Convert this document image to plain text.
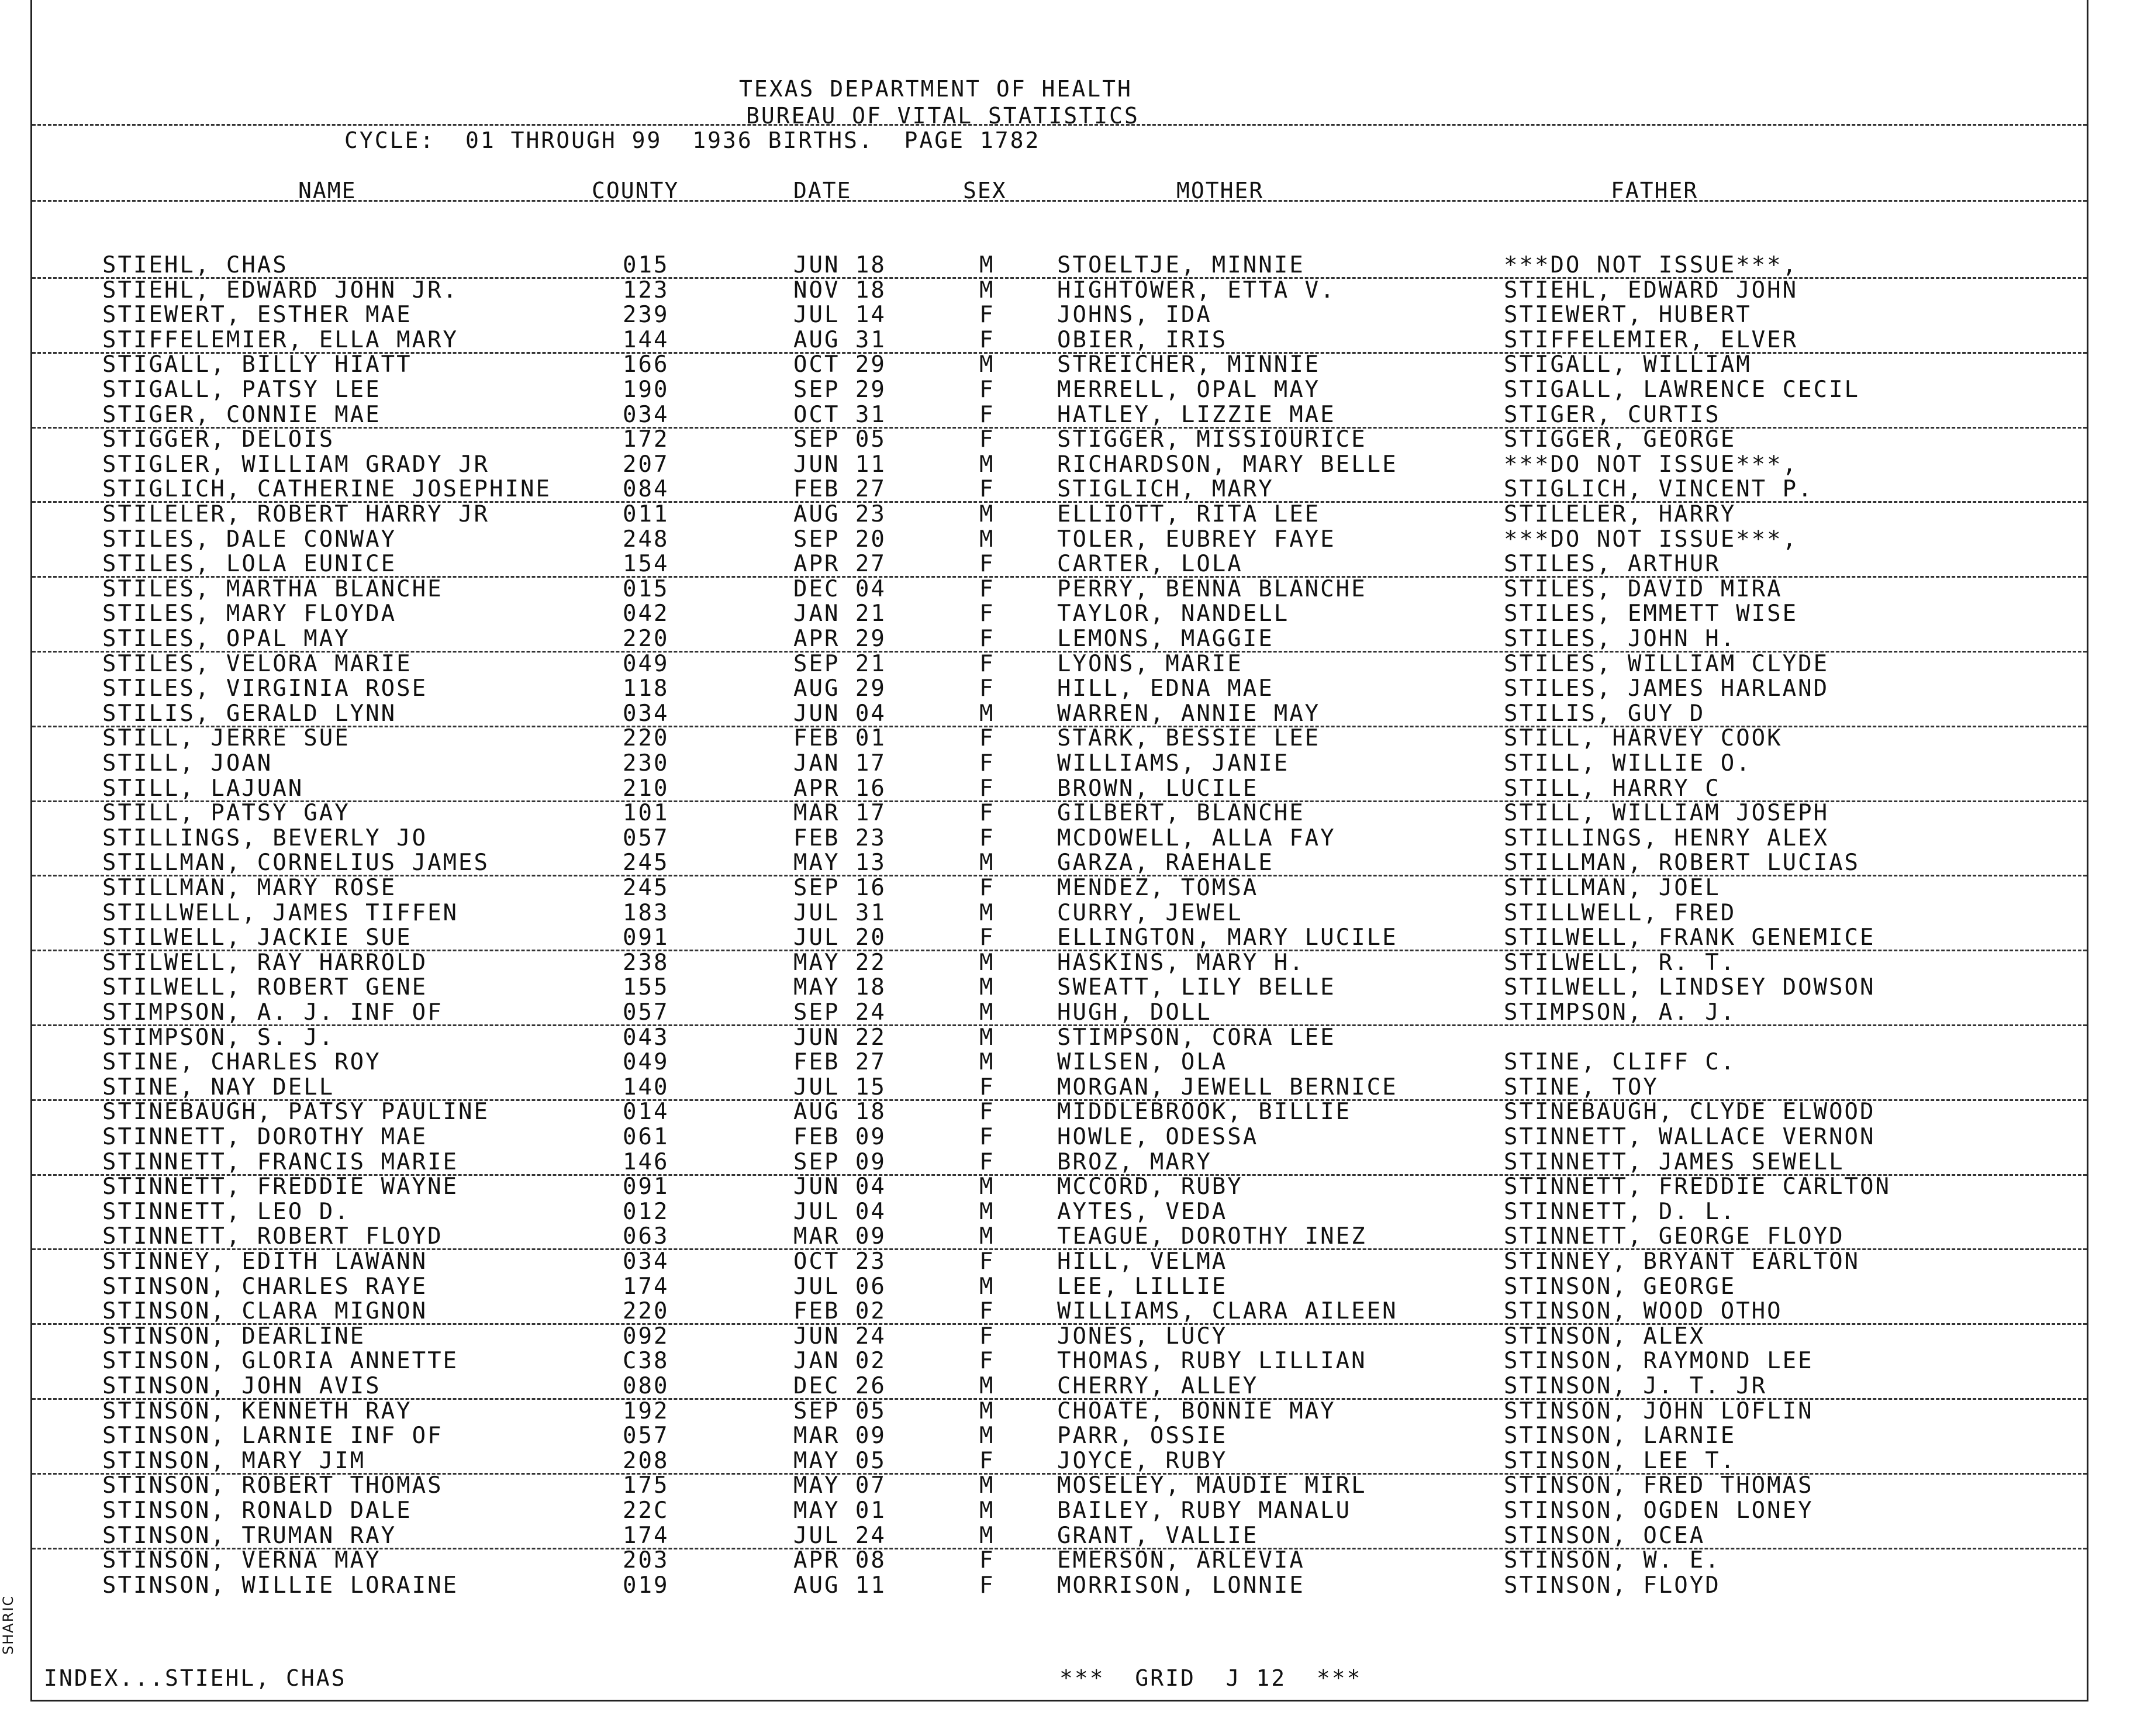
TEXAS DEPARTMENT OF HEALTH
BUREAU OF VITAL STATISTICS
CYCLE:  01 THROUGH 99  1936 BIRTHS.  PAGE 1782
NAME	COUNTY	DATE	SEX	MOTHER	FATHER
STIEHL, CHAS	015	JUN 18	M	STOELTJE, MINNIE	***DO NOT ISSUE***,
STIEHL, EDWARD JOHN JR.	123	NOV 18	M	HIGHTOWER, ETTA V.	STIEHL, EDWARD JOHN
STIEWERT, ESTHER MAE	239	JUL 14	F	JOHNS, IDA	STIEWERT, HUBERT
STIFFELEMIER, ELLA MARY	144	AUG 31	F	OBIER, IRIS	STIFFELEMIER, ELVER
STIGALL, BILLY HIATT	166	OCT 29	M	STREICHER, MINNIE	STIGALL, WILLIAM
STIGALL, PATSY LEE	190	SEP 29	F	MERRELL, OPAL MAY	STIGALL, LAWRENCE CECIL
STIGER, CONNIE MAE	034	OCT 31	F	HATLEY, LIZZIE MAE	STIGER, CURTIS
STIGGER, DELOIS	172	SEP 05	F	STIGGER, MISSIOURICE	STIGGER, GEORGE
STIGLER, WILLIAM GRADY JR	207	JUN 11	M	RICHARDSON, MARY BELLE	***DO NOT ISSUE***,
STIGLICH, CATHERINE JOSEPHINE	084	FEB 27	F	STIGLICH, MARY	STIGLICH, VINCENT P.
STILELER, ROBERT HARRY JR	011	AUG 23	M	ELLIOTT, RITA LEE	STILELER, HARRY
STILES, DALE CONWAY	248	SEP 20	M	TOLER, EUBREY FAYE	***DO NOT ISSUE***,
STILES, LOLA EUNICE	154	APR 27	F	CARTER, LOLA	STILES, ARTHUR
STILES, MARTHA BLANCHE	015	DEC 04	F	PERRY, BENNA BLANCHE	STILES, DAVID MIRA
STILES, MARY FLOYDA	042	JAN 21	F	TAYLOR, NANDELL	STILES, EMMETT WISE
STILES, OPAL MAY	220	APR 29	F	LEMONS, MAGGIE	STILES, JOHN H.
STILES, VELORA MARIE	049	SEP 21	F	LYONS, MARIE	STILES, WILLIAM CLYDE
STILES, VIRGINIA ROSE	118	AUG 29	F	HILL, EDNA MAE	STILES, JAMES HARLAND
STILIS, GERALD LYNN	034	JUN 04	M	WARREN, ANNIE MAY	STILIS, GUY D
STILL, JERRE SUE	220	FEB 01	F	STARK, BESSIE LEE	STILL, HARVEY COOK
STILL, JOAN	230	JAN 17	F	WILLIAMS, JANIE	STILL, WILLIE O.
STILL, LAJUAN	210	APR 16	F	BROWN, LUCILE	STILL, HARRY C
STILL, PATSY GAY	101	MAR 17	F	GILBERT, BLANCHE	STILL, WILLIAM JOSEPH
STILLINGS, BEVERLY JO	057	FEB 23	F	MCDOWELL, ALLA FAY	STILLINGS, HENRY ALEX
STILLMAN, CORNELIUS JAMES	245	MAY 13	M	GARZA, RAEHALE	STILLMAN, ROBERT LUCIAS
STILLMAN, MARY ROSE	245	SEP 16	F	MENDEZ, TOMSA	STILLMAN, JOEL
STILLWELL, JAMES TIFFEN	183	JUL 31	M	CURRY, JEWEL	STILLWELL, FRED
STILWELL, JACKIE SUE	091	JUL 20	F	ELLINGTON, MARY LUCILE	STILWELL, FRANK GENEMICE
STILWELL, RAY HARROLD	238	MAY 22	M	HASKINS, MARY H.	STILWELL, R. T.
STILWELL, ROBERT GENE	155	MAY 18	M	SWEATT, LILY BELLE	STILWELL, LINDSEY DOWSON
STIMPSON, A. J. INF OF	057	SEP 24	M	HUGH, DOLL	STIMPSON, A. J.
STIMPSON, S. J.	043	JUN 22	M	STIMPSON, CORA LEE
STINE, CHARLES ROY	049	FEB 27	M	WILSEN, OLA	STINE, CLIFF C.
STINE, NAY DELL	140	JUL 15	F	MORGAN, JEWELL BERNICE	STINE, TOY
STINEBAUGH, PATSY PAULINE	014	AUG 18	F	MIDDLEBROOK, BILLIE	STINEBAUGH, CLYDE ELWOOD
STINNETT, DOROTHY MAE	061	FEB 09	F	HOWLE, ODESSA	STINNETT, WALLACE VERNON
STINNETT, FRANCIS MARIE	146	SEP 09	F	BROZ, MARY	STINNETT, JAMES SEWELL
STINNETT, FREDDIE WAYNE	091	JUN 04	M	MCCORD, RUBY	STINNETT, FREDDIE CARLTON
STINNETT, LEO D.	012	JUL 04	M	AYTES, VEDA	STINNETT, D. L.
STINNETT, ROBERT FLOYD	063	MAR 09	M	TEAGUE, DOROTHY INEZ	STINNETT, GEORGE FLOYD
STINNEY, EDITH LAWANN	034	OCT 23	F	HILL, VELMA	STINNEY, BRYANT EARLTON
STINSON, CHARLES RAYE	174	JUL 06	M	LEE, LILLIE	STINSON, GEORGE
STINSON, CLARA MIGNON	220	FEB 02	F	WILLIAMS, CLARA AILEEN	STINSON, WOOD OTHO
STINSON, DEARLINE	092	JUN 24	F	JONES, LUCY	STINSON, ALEX
STINSON, GLORIA ANNETTE	C38	JAN 02	F	THOMAS, RUBY LILLIAN	STINSON, RAYMOND LEE
STINSON, JOHN AVIS	080	DEC 26	M	CHERRY, ALLEY	STINSON, J. T. JR
STINSON, KENNETH RAY	192	SEP 05	M	CHOATE, BONNIE MAY	STINSON, JOHN LOFLIN
STINSON, LARNIE INF OF	057	MAR 09	M	PARR, OSSIE	STINSON, LARNIE
STINSON, MARY JIM	208	MAY 05	F	JOYCE, RUBY	STINSON, LEE T.
STINSON, ROBERT THOMAS	175	MAY 07	M	MOSELEY, MAUDIE MIRL	STINSON, FRED THOMAS
STINSON, RONALD DALE	22C	MAY 01	M	BAILEY, RUBY MANALU	STINSON, OGDEN LONEY
STINSON, TRUMAN RAY	174	JUL 24	M	GRANT, VALLIE	STINSON, OCEA
STINSON, VERNA MAY	203	APR 08	F	EMERSON, ARLEVIA	STINSON, W. E.
STINSON, WILLIE LORAINE	019	AUG 11	F	MORRISON, LONNIE	STINSON, FLOYD
INDEX...STIEHL, CHAS	***  GRID  J 12  ***
SHARIC
